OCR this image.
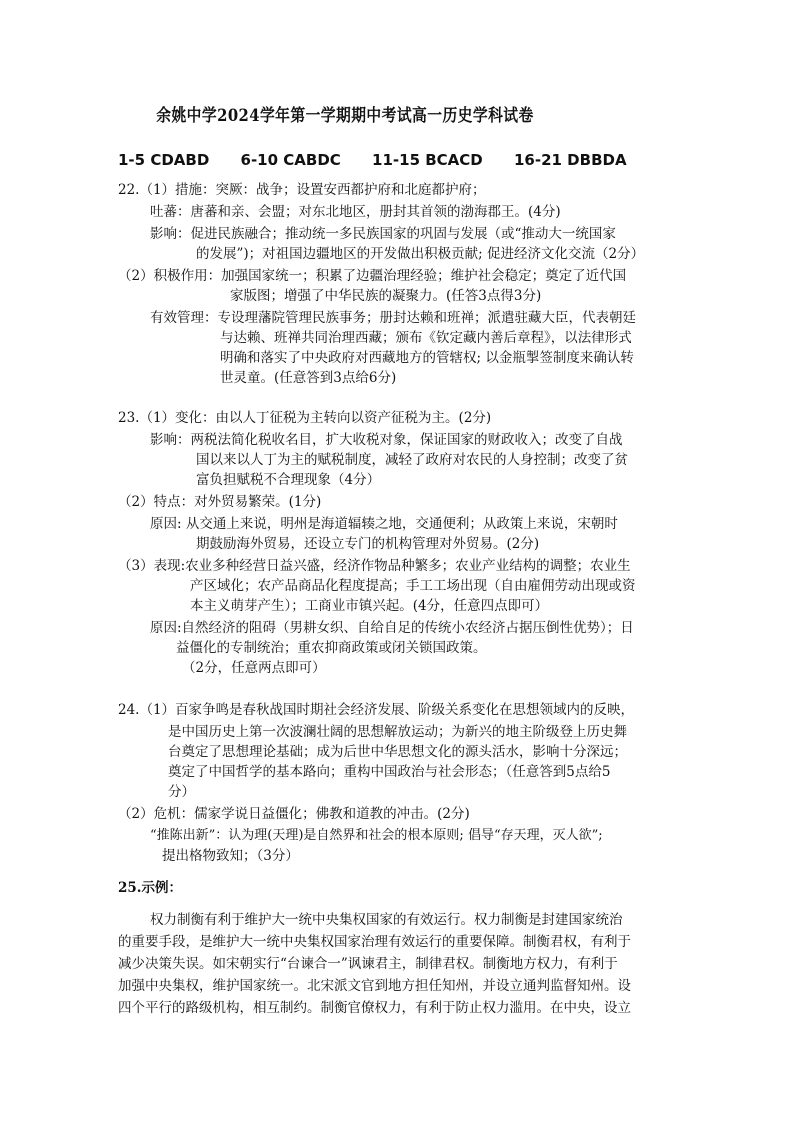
余姚中学2024学年第一学期期中考试高一历史学科试卷
1-5 CDABD 6-10 CABDC 11-15 BCACD 16-21 DBBDA
22.（1）措施：突厥：战争；设置安西都护府和北庭都护府；
吐蕃：唐蕃和亲、会盟；对东北地区，册封其首领的渤海郡王。(4分)
影响：促进民族融合；推动统一多民族国家的巩固与发展（或“推动大一统国家
的发展”)；对祖国边疆地区的开发做出积极贡献; 促进经济文化交流（2分）
（2）积极作用：加强国家统一；积累了边疆治理经验；维护社会稳定；奠定了近代国
家版图；增强了中华民族的凝聚力。(任答3点得3分)
有效管理：专设理藩院管理民族事务；册封达赖和班禅；派遣驻藏大臣，代表朝廷
与达赖、班禅共同治理西藏；颁布《钦定藏内善后章程》，以法律形式
明确和落实了中央政府对西藏地方的管辖权; 以金瓶掣签制度来确认转
世灵童。(任意答到3点给6分)
23.（1）变化：由以人丁征税为主转向以资产征税为主。(2分)
影响：两税法简化税收名目，扩大收税对象，保证国家的财政收入；改变了自战
国以来以人丁为主的赋税制度，减轻了政府对农民的人身控制；改变了贫
富负担赋税不合理现象（4分）
（2）特点：对外贸易繁荣。(1分)
原因: 从交通上来说，明州是海道辐辏之地，交通便利；从政策上来说，宋朝时
期鼓励海外贸易，还设立专门的机构管理对外贸易。(2分)
（3）表现:农业多种经营日益兴盛，经济作物品种繁多；农业产业结构的调整；农业生
产区域化；农产品商品化程度提高；手工工场出现（自由雇佣劳动出现或资
本主义萌芽产生）；工商业市镇兴起。(4分，任意四点即可）
原因:自然经济的阻碍（男耕女织、自给自足的传统小农经济占据压倒性优势）；日
益僵化的专制统治；重农抑商政策或闭关锁国政策。
（2分，任意两点即可）
24.（1）百家争鸣是春秋战国时期社会经济发展、阶级关系变化在思想领域内的反映，
是中国历史上第一次波澜壮阔的思想解放运动；为新兴的地主阶级登上历史舞
台奠定了思想理论基础；成为后世中华思想文化的源头活水，影响十分深远；
奠定了中国哲学的基本路向；重构中国政治与社会形态；（任意答到5点给5
分）
（2）危机：儒家学说日益僵化；佛教和道教的冲击。(2分)
“推陈出新”：认为理(天理)是自然界和社会的根本原则; 倡导“存天理，灭人欲”;
提出格物致知；（3分）
25.示例：
权力制衡有利于维护大一统中央集权国家的有效运行。权力制衡是封建国家统治
的重要手段，是维护大一统中央集权国家治理有效运行的重要保障。制衡君权，有利于
减少决策失误。如宋朝实行“台谏合一”讽谏君主，制律君权。制衡地方权力，有利于
加强中央集权，维护国家统一。北宋派文官到地方担任知州，并设立通判监督知州。设
四个平行的路级机构，相互制约。制衡官僚权力，有利于防止权力滥用。在中央，设立
